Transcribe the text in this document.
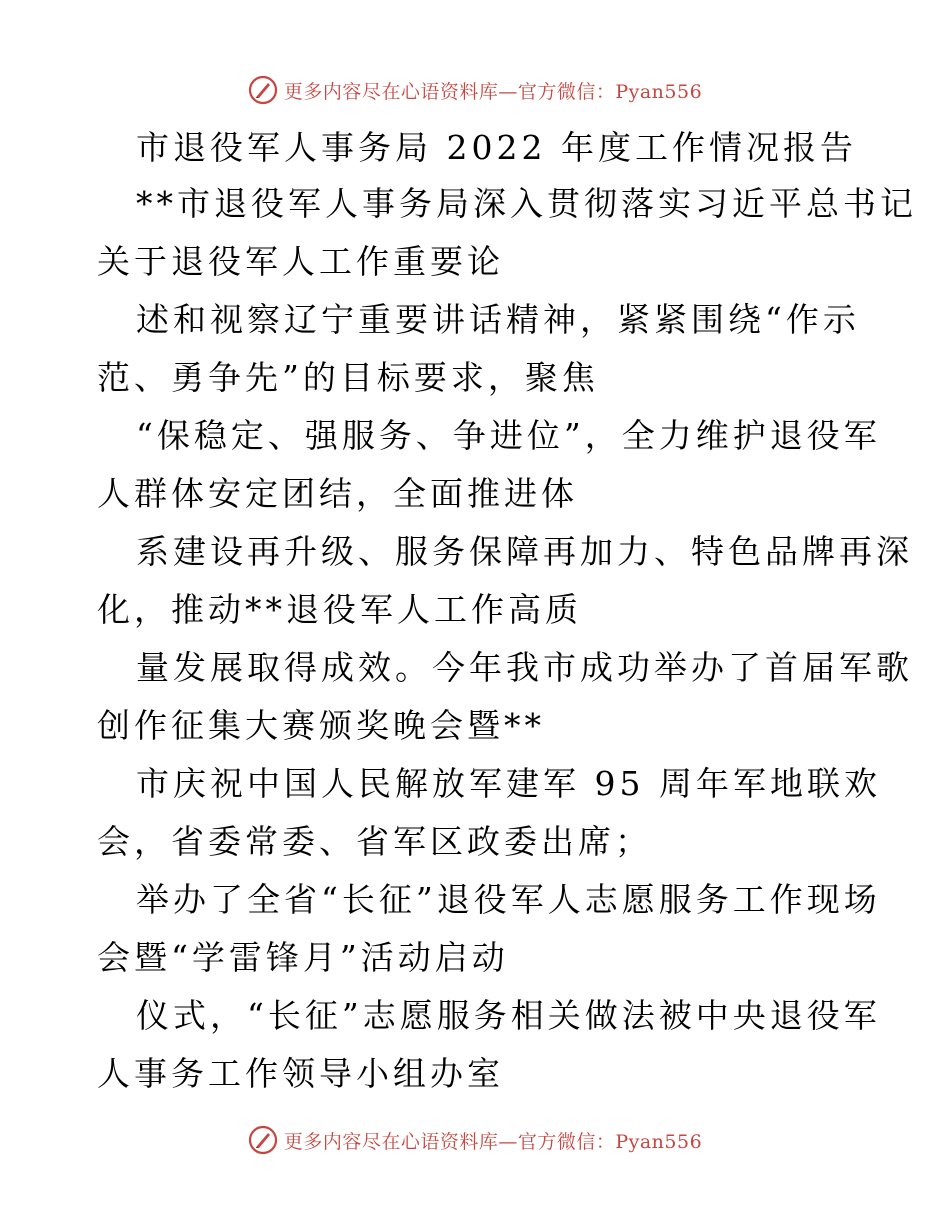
更多内容尽在心语资料库—官方微信：Pyan556
市退役军人事务局 2022 年度工作情况报告
**市退役军人事务局深入贯彻落实习近平总书记
关于退役军人工作重要论
述和视察辽宁重要讲话精神，紧紧围绕“作示
范、勇争先”的目标要求，聚焦
“保稳定、强服务、争进位”，全力维护退役军
人群体安定团结，全面推进体
系建设再升级、服务保障再加力、特色品牌再深
化，推动**退役军人工作高质
量发展取得成效。今年我市成功举办了首届军歌
创作征集大赛颁奖晚会暨**
市庆祝中国人民解放军建军 95 周年军地联欢
会，省委常委、省军区政委出席；
举办了全省“长征”退役军人志愿服务工作现场
会暨“学雷锋月”活动启动
仪式，“长征”志愿服务相关做法被中央退役军
人事务工作领导小组办室
更多内容尽在心语资料库—官方微信：Pyan556
